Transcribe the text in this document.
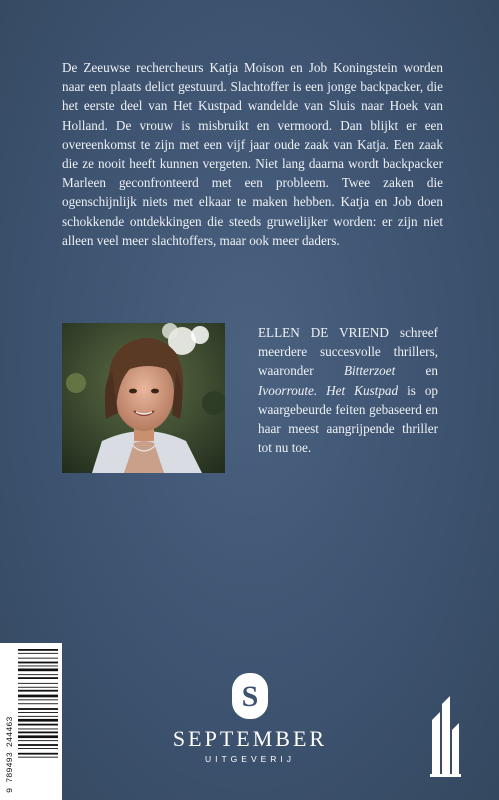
De Zeeuwse rechercheurs Katja Moison en Job Koningstein worden naar een plaats delict gestuurd. Slachtoffer is een jonge backpacker, die het eerste deel van Het Kustpad wandelde van Sluis naar Hoek van Holland. De vrouw is misbruikt en vermoord. Dan blijkt er een overeenkomst te zijn met een vijf jaar oude zaak van Katja. Een zaak die ze nooit heeft kunnen vergeten. Niet lang daarna wordt backpacker Marleen geconfronteerd met een probleem. Twee zaken die ogenschijnlijk niets met elkaar te maken hebben. Katja en Job doen schokkende ontdekkingen die steeds gruwelijker worden: er zijn niet alleen veel meer slachtoffers, maar ook meer daders.

ELLEN DE VRIEND schreef meerdere succesvolle thrillers, waaronder Bitterzoet en Ivoorroute. Het Kustpad is op waargebeurde feiten gebaseerd en haar meest aangrijpende thriller tot nu toe.

9 789493 244463
S

SEPTEMBER

UITGEVERIJ
